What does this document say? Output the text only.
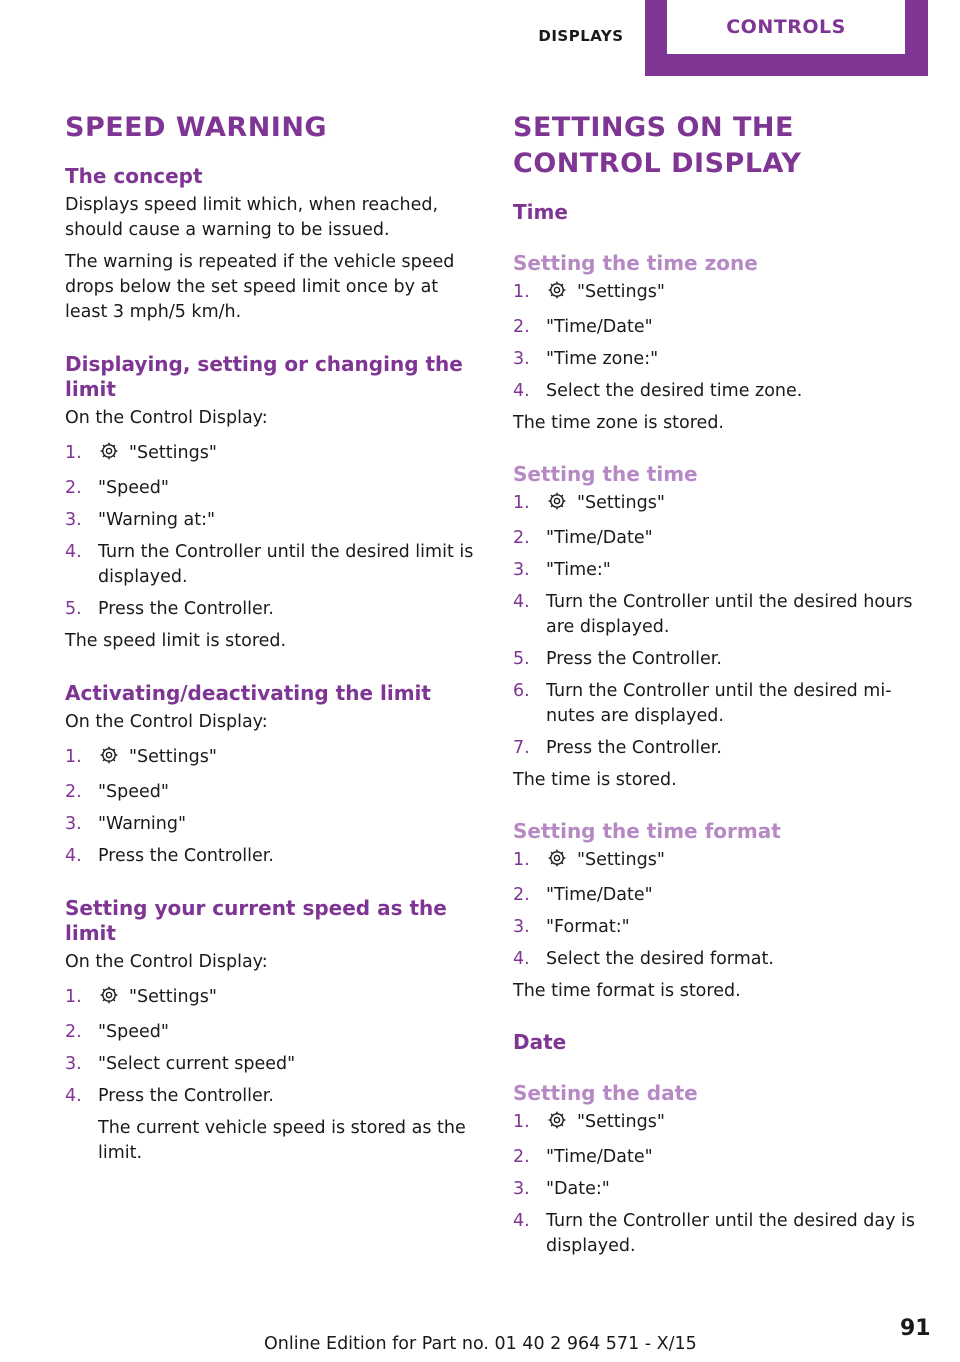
DISPLAYS	CONTROLS
SPEED WARNING
The concept

Displays speed limit which, when reached, should cause a warning to be issued.

The warning is repeated if the vehicle speed drops below the set speed limit once by at least 3 mph/5 km/h.

Displaying, setting or changing the limit

On the Control Display:

1.	"Settings"
2. "Speed"
3. "Warning at:"
4. Turn the Controller until the desired limit is displayed.
5. Press the Controller.

The speed limit is stored.

Activating/deactivating the limit

On the Control Display:

1.	"Settings"
2. "Speed"
3. "Warning"
4. Press the Controller.
Setting your current speed as the limit

On the Control Display:

1.	"Settings"
2. "Speed"
3. "Select current speed"
4. Press the Controller.

The current vehicle speed is stored as the limit.

SETTINGS ON THE CONTROL DISPLAY
Time
Setting the time zone
1.	"Settings"
2. "Time/Date"
3. "Time zone:"
4. Select the desired time zone.

The time zone is stored.

Setting the time
1.	"Settings"
2. "Time/Date"
3. "Time:"
4. Turn the Controller until the desired hours are displayed.
5. Press the Controller.
6. Turn the Controller until the desired mi‐ nutes are displayed.
7. Press the Controller.

The time is stored.

Setting the time format
1.	"Settings"
2. "Time/Date"
3. "Format:"
4. Select the desired format.

The time format is stored.

Date
Setting the date
1.	"Settings"
2. "Time/Date"
3. "Date:"
4. Turn the Controller until the desired day is displayed.
Online Edition for Part no. 01 40 2 964 571 - X/15
91
